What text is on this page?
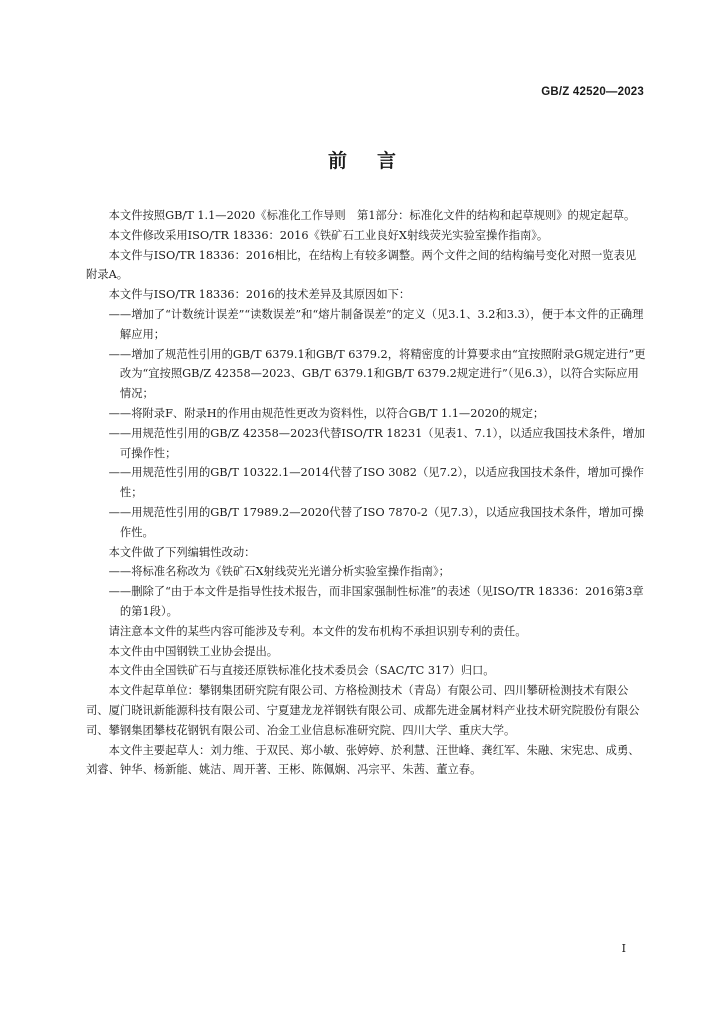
GB/Z 42520—2023
前言

本文件按照GB/T 1.1—2020《标准化工作导则　第1部分：标准化文件的结构和起草规则》的规定起草。

本文件修改采用ISO/TR 18336：2016《铁矿石工业良好X射线荧光实验室操作指南》。

本文件与ISO/TR 18336：2016相比，在结构上有较多调整。两个文件之间的结构编号变化对照一览表见附录A。

本文件与ISO/TR 18336：2016的技术差异及其原因如下：

——增加了“计数统计误差”“读数误差”和“熔片制备误差”的定义（见3.1、3.2和3.3），便于本文件的正确理解应用；

——增加了规范性引用的GB/T 6379.1和GB/T 6379.2，将精密度的计算要求由“宜按照附录G规定进行”更改为“宜按照GB/Z 42358—2023、GB/T 6379.1和GB/T 6379.2规定进行”（见6.3），以符合实际应用情况；

——将附录F、附录H的作用由规范性更改为资料性，以符合GB/T 1.1—2020的规定；

——用规范性引用的GB/Z 42358—2023代替ISO/TR 18231（见表1、7.1），以适应我国技术条件，增加可操作性；

——用规范性引用的GB/T 10322.1—2014代替了ISO 3082（见7.2），以适应我国技术条件，增加可操作性；

——用规范性引用的GB/T 17989.2—2020代替了ISO 7870-2（见7.3），以适应我国技术条件，增加可操作性。

本文件做了下列编辑性改动：

——将标准名称改为《铁矿石X射线荧光光谱分析实验室操作指南》；

——删除了“由于本文件是指导性技术报告，而非国家强制性标准”的表述（见ISO/TR 18336：2016第3章的第1段）。

请注意本文件的某些内容可能涉及专利。本文件的发布机构不承担识别专利的责任。

本文件由中国钢铁工业协会提出。

本文件由全国铁矿石与直接还原铁标准化技术委员会（SAC/TC 317）归口。

本文件起草单位：攀钢集团研究院有限公司、方格检测技术（青岛）有限公司、四川攀研检测技术有限公司、厦门晓讯新能源科技有限公司、宁夏建龙龙祥钢铁有限公司、成都先进金属材料产业技术研究院股份有限公司、攀钢集团攀枝花钢钒有限公司、冶金工业信息标准研究院、四川大学、重庆大学。

本文件主要起草人：刘力维、于双民、郑小敏、张婷婷、於利慧、汪世峰、龚红军、朱融、宋宪忠、成勇、刘睿、钟华、杨新能、姚洁、周开著、王彬、陈佩娴、冯宗平、朱茜、董立春。

I
